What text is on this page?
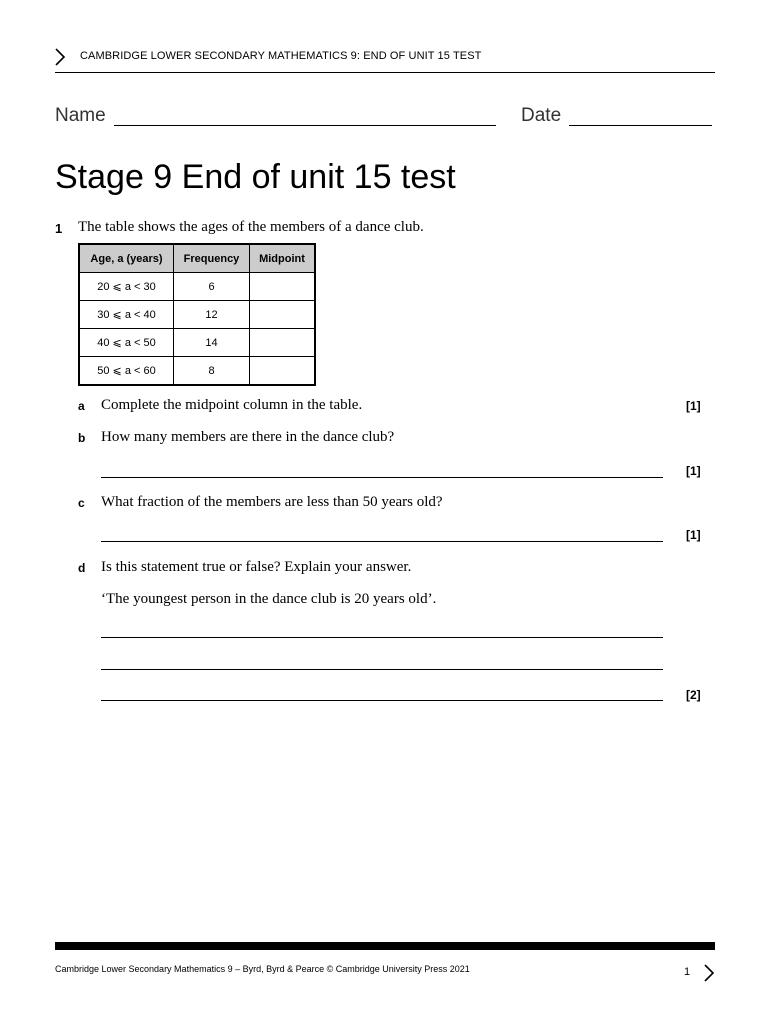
CAMBRIDGE LOWER SECONDARY MATHEMATICS 9: END OF UNIT 15 TEST
Name	Date
Stage 9 End of unit 15 test
1 The table shows the ages of the members of a dance club.
Age, a (years)	Frequency	Midpoint
20 ⩽ a < 30	6	
30 ⩽ a < 40	12	
40 ⩽ a < 50	14	
50 ⩽ a < 60	8	
a Complete the midpoint column in the table.	[1]
b How many members are there in the dance club?
[1]
c What fraction of the members are less than 50 years old?
[1]
d Is this statement true or false? Explain your answer.
‘The youngest person in the dance club is 20 years old’.
[2]
Cambridge Lower Secondary Mathematics 9 – Byrd, Byrd & Pearce © Cambridge University Press 2021	1
